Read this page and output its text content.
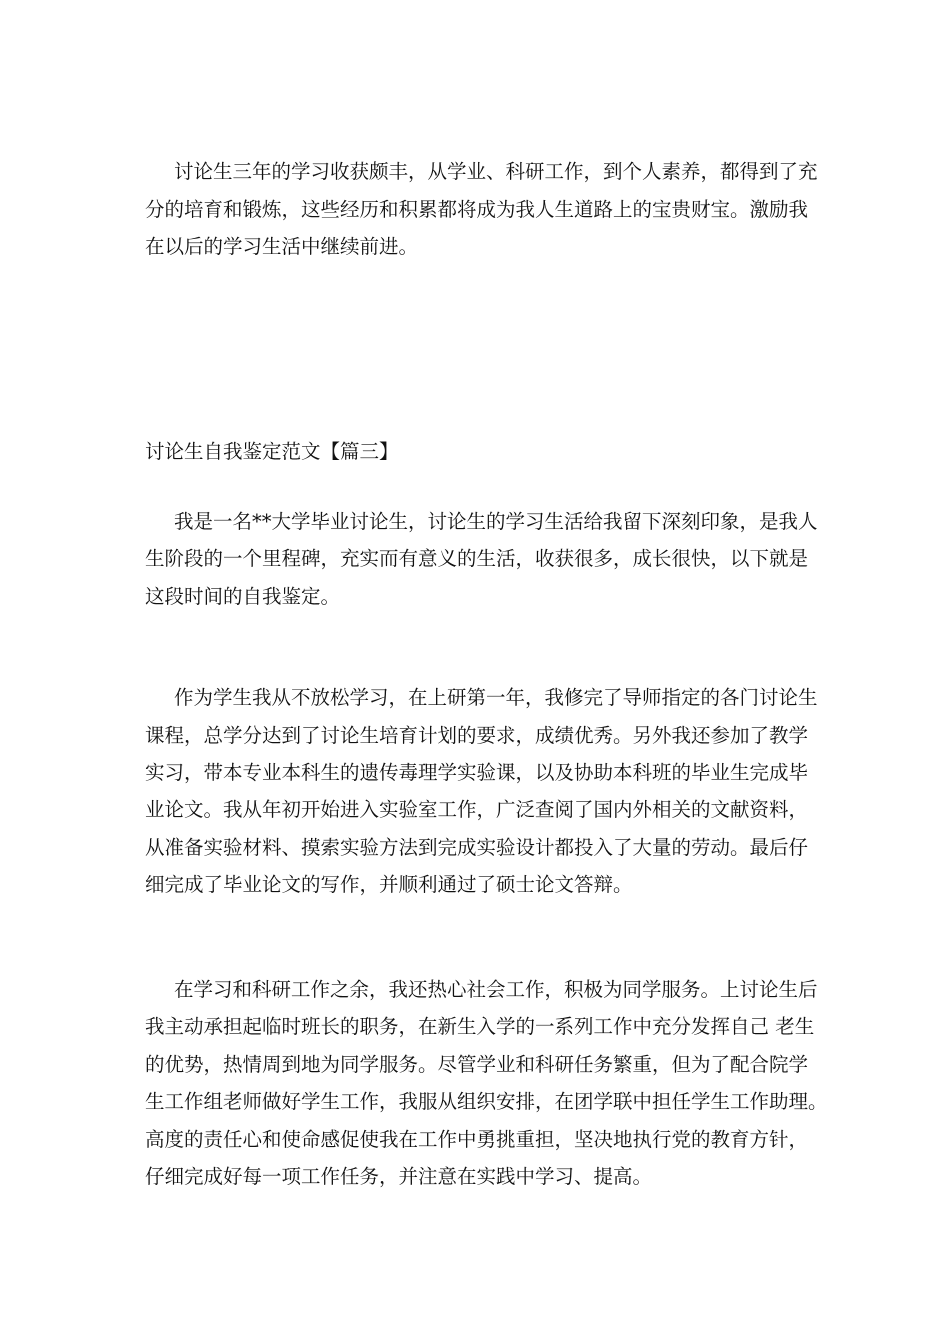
讨论生三年的学习收获颇丰，从学业、科研工作，到个人素养，都得到了充
分的培育和锻炼，这些经历和积累都将成为我人生道路上的宝贵财宝。激励我
在以后的学习生活中继续前进。
讨论生自我鉴定范文【篇三】
我是一名**大学毕业讨论生，讨论生的学习生活给我留下深刻印象，是我人
生阶段的一个里程碑，充实而有意义的生活，收获很多，成长很快，以下就是
这段时间的自我鉴定。
作为学生我从不放松学习，在上研第一年，我修完了导师指定的各门讨论生
课程，总学分达到了讨论生培育计划的要求，成绩优秀。另外我还参加了教学
实习，带本专业本科生的遗传毒理学实验课，以及协助本科班的毕业生完成毕
业论文。我从年初开始进入实验室工作，广泛查阅了国内外相关的文献资料，
从准备实验材料、摸索实验方法到完成实验设计都投入了大量的劳动。最后仔
细完成了毕业论文的写作，并顺利通过了硕士论文答辩。
在学习和科研工作之余，我还热心社会工作，积极为同学服务。上讨论生后
我主动承担起临时班长的职务，在新生入学的一系列工作中充分发挥自己 老生
的优势，热情周到地为同学服务。尽管学业和科研任务繁重，但为了配合院学
生工作组老师做好学生工作，我服从组织安排，在团学联中担任学生工作助理。
高度的责任心和使命感促使我在工作中勇挑重担，坚决地执行党的教育方针，
仔细完成好每一项工作任务，并注意在实践中学习、提高。
